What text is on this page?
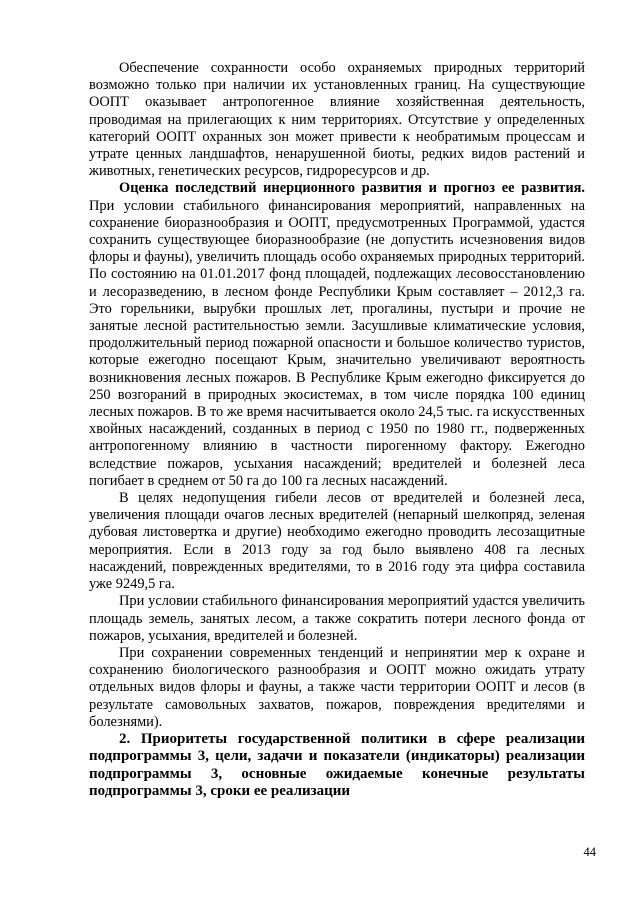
Обеспечение сохранности особо охраняемых природных территорий возможно только при наличии их установленных границ. На существующие ООПТ оказывает антропогенное влияние хозяйственная деятельность, проводимая на прилегающих к ним территориях. Отсутствие у определенных категорий ООПТ охранных зон может привести к необратимым процессам и утрате ценных ландшафтов, ненарушенной биоты, редких видов растений и животных, генетических ресурсов, гидроресурсов и др.

Оценка последствий инерционного развития и прогноз ее развития. При условии стабильного финансирования мероприятий, направленных на сохранение биоразнообразия и ООПТ, предусмотренных Программой, удастся сохранить существующее биоразнообразие (не допустить исчезновения видов флоры и фауны), увеличить площадь особо охраняемых природных территорий. По состоянию на 01.01.2017 фонд площадей, подлежащих лесовосстановлению и лесоразведению, в лесном фонде Республики Крым составляет – 2012,3 га. Это горельники, вырубки прошлых лет, прогалины, пустыри и прочие не занятые лесной растительностью земли. Засушливые климатические условия, продолжительный период пожарной опасности и большое количество туристов, которые ежегодно посещают Крым, значительно увеличивают вероятность возникновения лесных пожаров. В Республике Крым ежегодно фиксируется до 250 возгораний в природных экосистемах, в том числе порядка 100 единиц лесных пожаров. В то же время насчитывается около 24,5 тыс. га искусственных хвойных насаждений, созданных в период с 1950 по 1980 гг., подверженных антропогенному влиянию в частности пирогенному фактору. Ежегодно вследствие пожаров, усыхания насаждений; вредителей и болезней леса погибает в среднем от 50 га до 100 га лесных насаждений.

В целях недопущения гибели лесов от вредителей и болезней леса, увеличения площади очагов лесных вредителей (непарный шелкопряд, зеленая дубовая листовертка и другие) необходимо ежегодно проводить лесозащитные мероприятия. Если в 2013 году за год было выявлено 408 га лесных насаждений, поврежденных вредителями, то в 2016 году эта цифра составила уже 9249,5 га.

При условии стабильного финансирования мероприятий удастся увеличить площадь земель, занятых лесом, а также сократить потери лесного фонда от пожаров, усыхания, вредителей и болезней.

При сохранении современных тенденций и непринятии мер к охране и сохранению биологического разнообразия и ООПТ можно ожидать утрату отдельных видов флоры и фауны, а также части территории ООПТ и лесов (в результате самовольных захватов, пожаров, повреждения вредителями и болезнями).

2. Приоритеты государственной политики в сфере реализации подпрограммы 3, цели, задачи и показатели (индикаторы) реализации подпрограммы 3, основные ожидаемые конечные результаты подпрограммы 3, сроки ее реализации

44
